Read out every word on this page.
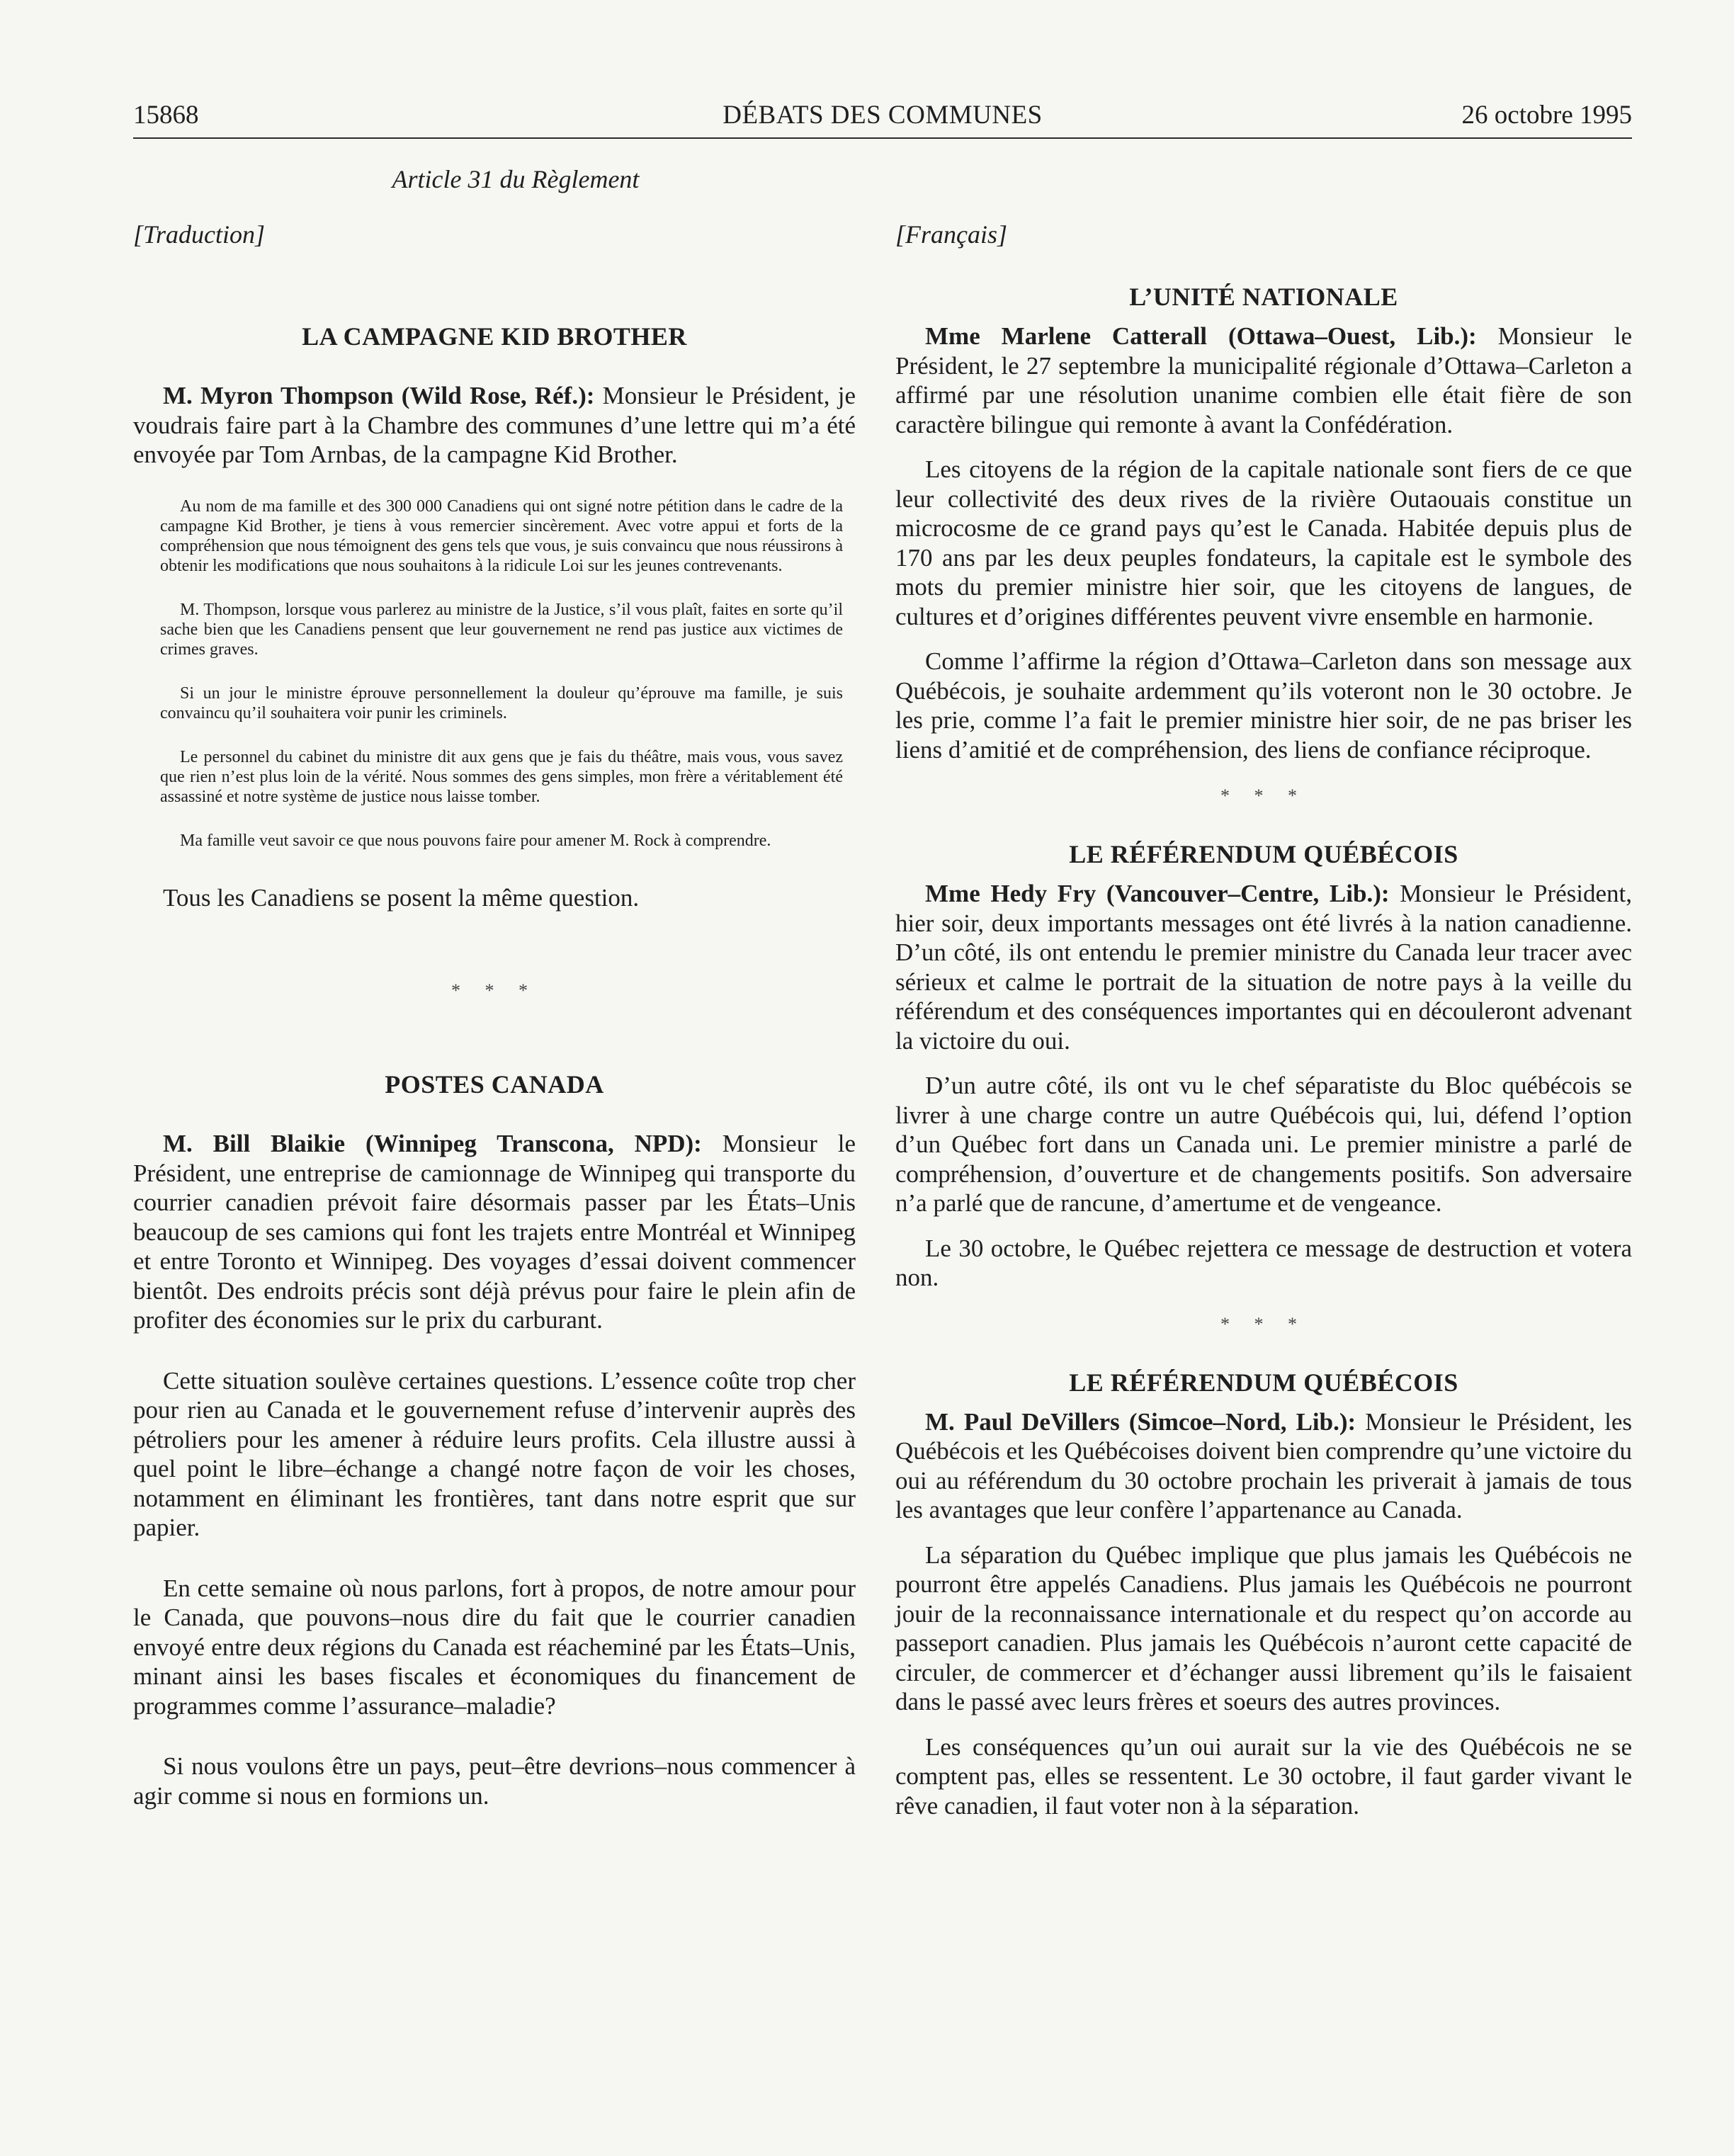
15868	DÉBATS DES COMMUNES	26 octobre 1995
Article 31 du Règlement

[Traduction]

LA CAMPAGNE KID BROTHER

M. Myron Thompson (Wild Rose, Réf.): Monsieur le Président, je voudrais faire part à la Chambre des communes d’une lettre qui m’a été envoyée par Tom Arnbas, de la campagne Kid Brother.

Au nom de ma famille et des 300 000 Canadiens qui ont signé notre pétition dans le cadre de la campagne Kid Brother, je tiens à vous remercier sincèrement. Avec votre appui et forts de la compréhension que nous témoignent des gens tels que vous, je suis convaincu que nous réussirons à obtenir les modifications que nous souhaitons à la ridicule Loi sur les jeunes contrevenants.

M. Thompson, lorsque vous parlerez au ministre de la Justice, s’il vous plaît, faites en sorte qu’il sache bien que les Canadiens pensent que leur gouvernement ne rend pas justice aux victimes de crimes graves.

Si un jour le ministre éprouve personnellement la douleur qu’éprouve ma famille, je suis convaincu qu’il souhaitera voir punir les criminels.

Le personnel du cabinet du ministre dit aux gens que je fais du théâtre, mais vous, vous savez que rien n’est plus loin de la vérité. Nous sommes des gens simples, mon frère a véritablement été assassiné et notre système de justice nous laisse tomber.

Ma famille veut savoir ce que nous pouvons faire pour amener M. Rock à comprendre.

Tous les Canadiens se posent la même question.

* * *

POSTES CANADA

M. Bill Blaikie (Winnipeg Transcona, NPD): Monsieur le Président, une entreprise de camionnage de Winnipeg qui transporte du courrier canadien prévoit faire désormais passer par les États–Unis beaucoup de ses camions qui font les trajets entre Montréal et Winnipeg et entre Toronto et Winnipeg. Des voyages d’essai doivent commencer bientôt. Des endroits précis sont déjà prévus pour faire le plein afin de profiter des économies sur le prix du carburant.

Cette situation soulève certaines questions. L’essence coûte trop cher pour rien au Canada et le gouvernement refuse d’intervenir auprès des pétroliers pour les amener à réduire leurs profits. Cela illustre aussi à quel point le libre–échange a changé notre façon de voir les choses, notamment en éliminant les frontières, tant dans notre esprit que sur papier.

En cette semaine où nous parlons, fort à propos, de notre amour pour le Canada, que pouvons–nous dire du fait que le courrier canadien envoyé entre deux régions du Canada est réacheminé par les États–Unis, minant ainsi les bases fiscales et économiques du financement de programmes comme l’assurance–maladie?

Si nous voulons être un pays, peut–être devrions–nous commencer à agir comme si nous en formions un.

[Français]

L’UNITÉ NATIONALE

Mme Marlene Catterall (Ottawa–Ouest, Lib.): Monsieur le Président, le 27 septembre la municipalité régionale d’Ottawa–Carleton a affirmé par une résolution unanime combien elle était fière de son caractère bilingue qui remonte à avant la Confédération.

Les citoyens de la région de la capitale nationale sont fiers de ce que leur collectivité des deux rives de la rivière Outaouais constitue un microcosme de ce grand pays qu’est le Canada. Habitée depuis plus de 170 ans par les deux peuples fondateurs, la capitale est le symbole des mots du premier ministre hier soir, que les citoyens de langues, de cultures et d’origines différentes peuvent vivre ensemble en harmonie.

Comme l’affirme la région d’Ottawa–Carleton dans son message aux Québécois, je souhaite ardemment qu’ils voteront non le 30 octobre. Je les prie, comme l’a fait le premier ministre hier soir, de ne pas briser les liens d’amitié et de compréhension, des liens de confiance réciproque.

* * *

LE RÉFÉRENDUM QUÉBÉCOIS

Mme Hedy Fry (Vancouver–Centre, Lib.): Monsieur le Président, hier soir, deux importants messages ont été livrés à la nation canadienne. D’un côté, ils ont entendu le premier ministre du Canada leur tracer avec sérieux et calme le portrait de la situation de notre pays à la veille du référendum et des conséquences importantes qui en découleront advenant la victoire du oui.

D’un autre côté, ils ont vu le chef séparatiste du Bloc québécois se livrer à une charge contre un autre Québécois qui, lui, défend l’option d’un Québec fort dans un Canada uni. Le premier ministre a parlé de compréhension, d’ouverture et de changements positifs. Son adversaire n’a parlé que de rancune, d’amertume et de vengeance.

Le 30 octobre, le Québec rejettera ce message de destruction et votera non.

* * *

LE RÉFÉRENDUM QUÉBÉCOIS

M. Paul DeVillers (Simcoe–Nord, Lib.): Monsieur le Président, les Québécois et les Québécoises doivent bien comprendre qu’une victoire du oui au référendum du 30 octobre prochain les priverait à jamais de tous les avantages que leur confère l’appartenance au Canada.

La séparation du Québec implique que plus jamais les Québécois ne pourront être appelés Canadiens. Plus jamais les Québécois ne pourront jouir de la reconnaissance internationale et du respect qu’on accorde au passeport canadien. Plus jamais les Québécois n’auront cette capacité de circuler, de commercer et d’échanger aussi librement qu’ils le faisaient dans le passé avec leurs frères et soeurs des autres provinces.

Les conséquences qu’un oui aurait sur la vie des Québécois ne se comptent pas, elles se ressentent. Le 30 octobre, il faut garder vivant le rêve canadien, il faut voter non à la séparation.
